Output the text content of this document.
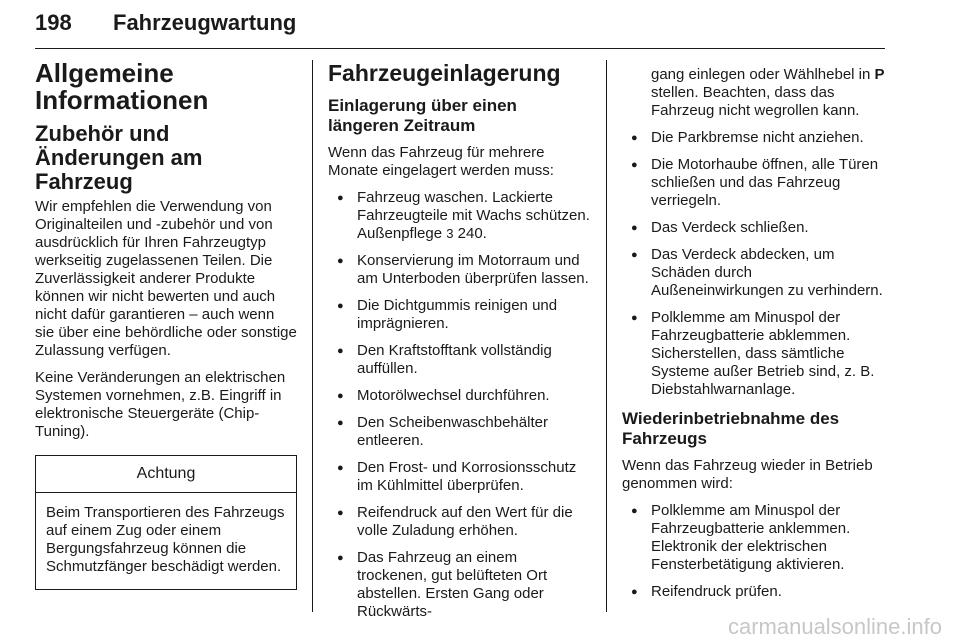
198 Fahrzeugwartung
Allgemeine Informationen
Zubehör und Änderungen am Fahrzeug

Wir empfehlen die Verwendung von Originalteilen und -zubehör und von ausdrücklich für Ihren Fahrzeugtyp werkseitig zugelassenen Teilen. Die Zuverlässigkeit anderer Produkte können wir nicht bewerten und auch nicht dafür garantieren – auch wenn sie über eine behördliche oder sonstige Zulassung verfügen.

Keine Veränderungen an elektrischen Systemen vornehmen, z.B. Eingriff in elektronische Steuergeräte (Chip-Tuning).

Achtung
Beim Transportieren des Fahrzeugs auf einem Zug oder einem Bergungsfahrzeug können die Schmutzfänger beschädigt werden.
Fahrzeugeinlagerung
Einlagerung über einen längeren Zeitraum

Wenn das Fahrzeug für mehrere Monate eingelagert werden muss:

● Fahrzeug waschen. Lackierte Fahrzeugteile mit Wachs schützen. Außenpflege 3 240.
● Konservierung im Motorraum und am Unterboden überprüfen lassen.
● Die Dichtgummis reinigen und imprägnieren.
● Den Kraftstofftank vollständig auffüllen.
● Motorölwechsel durchführen.
● Den Scheibenwaschbehälter entleeren.
● Den Frost- und Korrosionsschutz im Kühlmittel überprüfen.
● Reifendruck auf den Wert für die volle Zuladung erhöhen.
● Das Fahrzeug an einem trockenen, gut belüfteten Ort abstellen. Ersten Gang oder Rückwärts-

gang einlegen oder Wählhebel in P stellen. Beachten, dass das Fahrzeug nicht wegrollen kann.

● Die Parkbremse nicht anziehen.
● Die Motorhaube öffnen, alle Türen schließen und das Fahrzeug verriegeln.
● Das Verdeck schließen.
● Das Verdeck abdecken, um Schäden durch Außeneinwirkungen zu verhindern.
● Polklemme am Minuspol der Fahrzeugbatterie abklemmen. Sicherstellen, dass sämtliche Systeme außer Betrieb sind, z. B. Diebstahlwarnanlage.
Wiederinbetriebnahme des Fahrzeugs

Wenn das Fahrzeug wieder in Betrieb genommen wird:

● Polklemme am Minuspol der Fahrzeugbatterie anklemmen. Elektronik der elektrischen Fensterbetätigung aktivieren.
● Reifendruck prüfen.
carmanualsonline.info
